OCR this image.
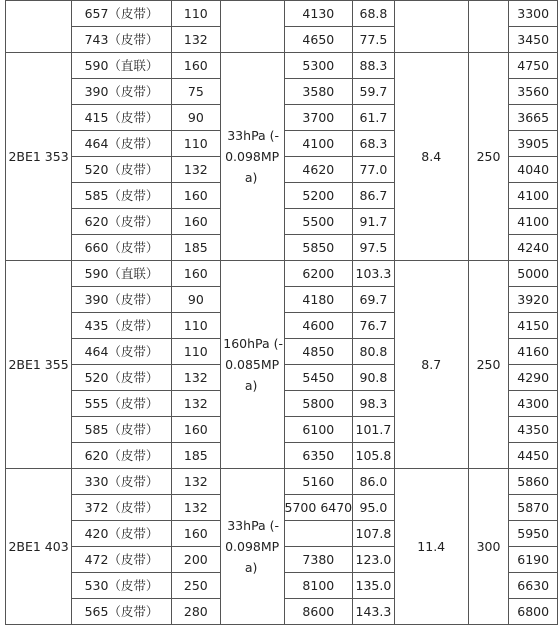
	657（皮带）	110		4130	68.8			3300
	743（皮带）	132		4650	77.5			3450
2BE1 353	590（直联）	160	33hPa (-0.098MPa)	5300	88.3	8.4	250	4750
	390（皮带）	75		3580	59.7			3560
	415（皮带）	90		3700	61.7			3665
	464（皮带）	110		4100	68.3			3905
	520（皮带）	132		4620	77.0			4040
	585（皮带）	160		5200	86.7			4100
	620（皮带）	160		5500	91.7			4100
	660（皮带）	185		5850	97.5			4240
2BE1 355	590（直联）	160	160hPa (-0.085MPa)	6200	103.3	8.7	250	5000
	390（皮带）	90		4180	69.7			3920
	435（皮带）	110		4600	76.7			4150
	464（皮带）	110		4850	80.8			4160
	520（皮带）	132		5450	90.8			4290
	555（皮带）	132		5800	98.3			4300
	585（皮带）	160		6100	101.7			4350
	620（皮带）	185		6350	105.8			4450
2BE1 403	330（皮带）	132	33hPa (-0.098MPa)	5160	86.0	11.4	300	5860
	372（皮带）	132		5700 6470	95.0			5870
	420（皮带）	160			107.8			5950
	472（皮带）	200		7380	123.0			6190
	530（皮带）	250		8100	135.0			6630
	565（皮带）	280		8600	143.3			6800
